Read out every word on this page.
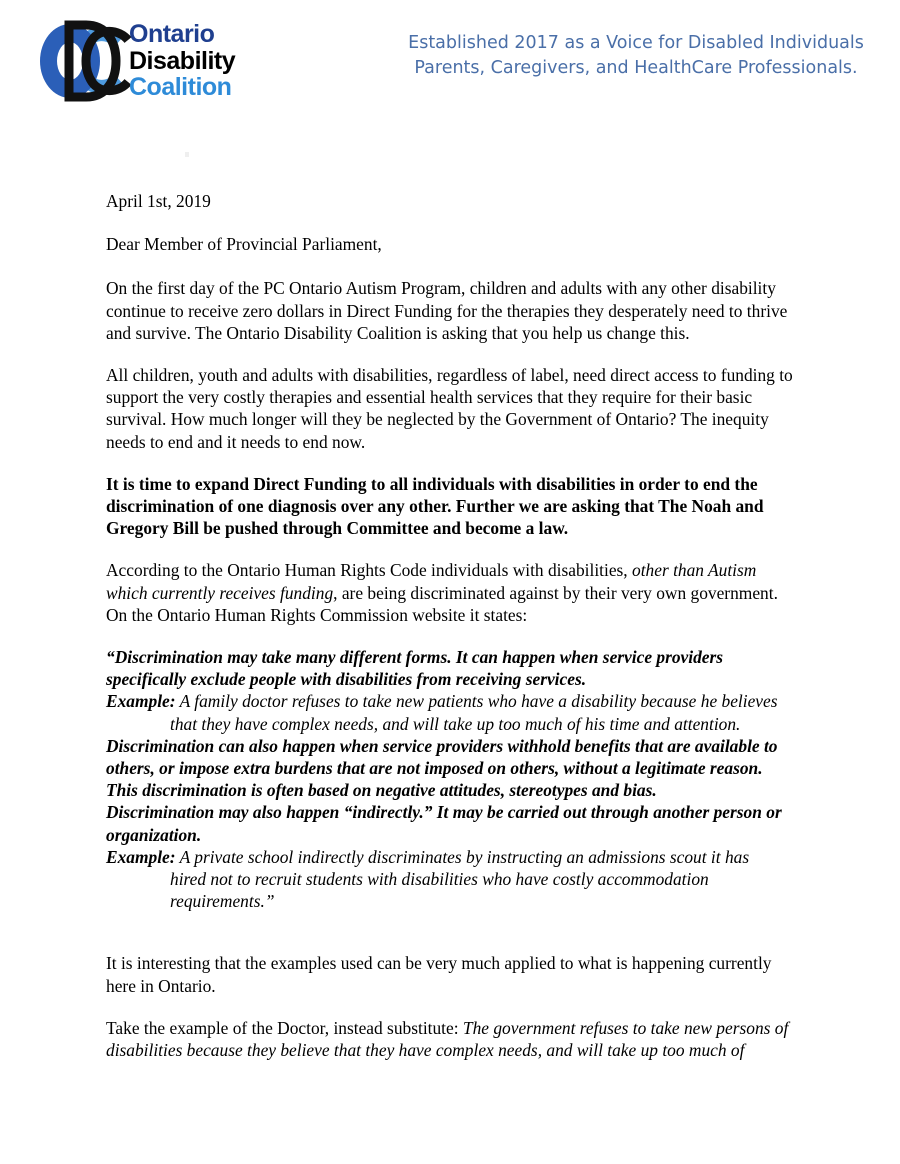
Ontario
Disability
Coalition
Established 2017 as a Voice for Disabled Individuals
Parents, Caregivers, and HealthCare Professionals.

April 1st, 2019

Dear Member of Provincial Parliament,

On the first day of the PC Ontario Autism Program, children and adults with any other disability continue to receive zero dollars in Direct Funding for the therapies they desperately need to thrive and survive. The Ontario Disability Coalition is asking that you help us change this.

All children, youth and adults with disabilities, regardless of label, need direct access to funding to support the very costly therapies and essential health services that they require for their basic survival. How much longer will they be neglected by the Government of Ontario? The inequity needs to end and it needs to end now.

It is time to expand Direct Funding to all individuals with disabilities in order to end the discrimination of one diagnosis over any other. Further we are asking that The Noah and Gregory Bill be pushed through Committee and become a law.

According to the Ontario Human Rights Code individuals with disabilities, other than Autism which currently receives funding, are being discriminated against by their very own government. On the Ontario Human Rights Commission website it states:

“Discrimination may take many different forms. It can happen when service providers specifically exclude people with disabilities from receiving services.
Example: A family doctor refuses to take new patients who have a disability because he believes
that they have complex needs, and will take up too much of his time and attention.
Discrimination can also happen when service providers withhold benefits that are available to others, or impose extra burdens that are not imposed on others, without a legitimate reason. This discrimination is often based on negative attitudes, stereotypes and bias.
Discrimination may also happen “indirectly.” It may be carried out through another person or organization.
Example: A private school indirectly discriminates by instructing an admissions scout it has
hired not to recruit students with disabilities who have costly accommodation
requirements.”

It is interesting that the examples used can be very much applied to what is happening currently here in Ontario.

Take the example of the Doctor, instead substitute: The government refuses to take new persons of disabilities because they believe that they have complex needs, and will take up too much of
